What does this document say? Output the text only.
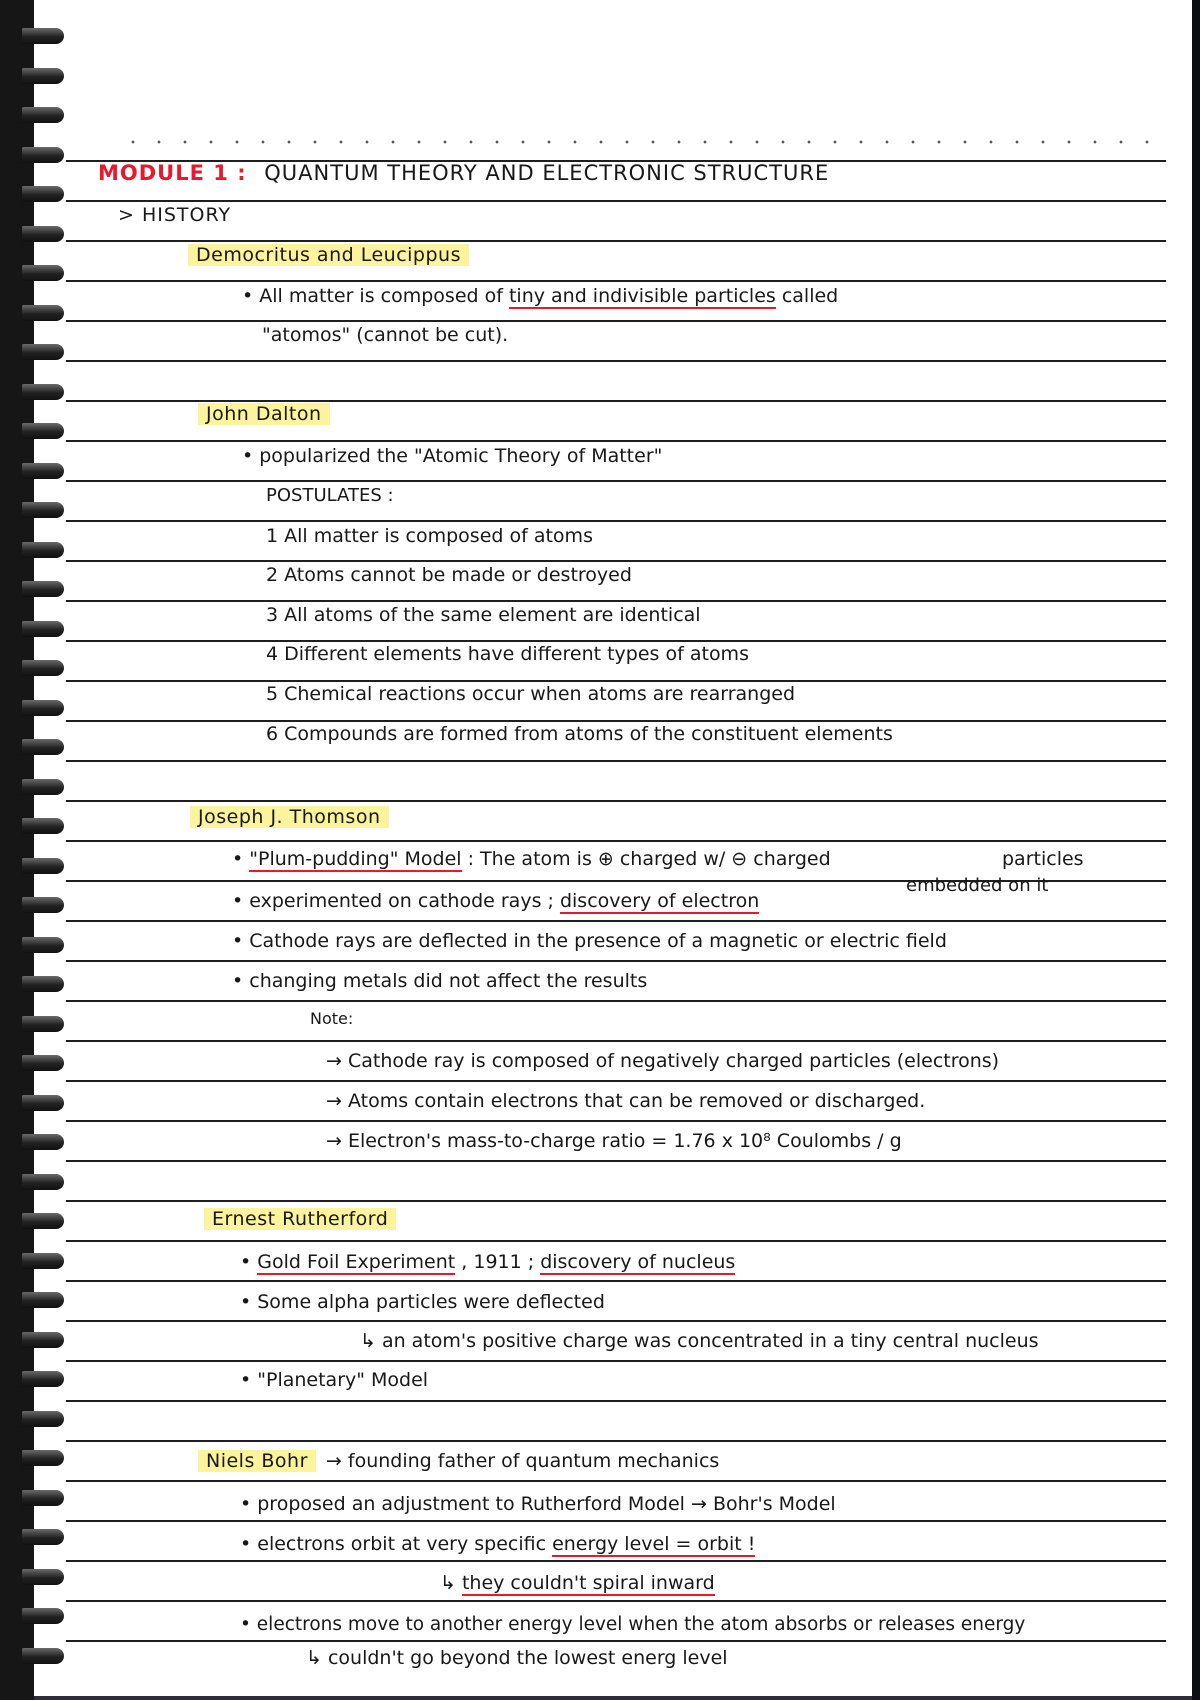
MODULE 1 : QUANTUM THEORY AND ELECTRONIC STRUCTURE
> HISTORY
Democritus and Leucippus
• All matter is composed of tiny and indivisible particles called
"atomos" (cannot be cut).
John Dalton
• popularized the "Atomic Theory of Matter"
POSTULATES :
1 All matter is composed of atoms
2 Atoms cannot be made or destroyed
3 All atoms of the same element are identical
4 Different elements have different types of atoms
5 Chemical reactions occur when atoms are rearranged
6 Compounds are formed from atoms of the constituent elements
Joseph J. Thomson
• "Plum-pudding" Model : The atom is ⊕ charged w/ ⊖ charged	particles
embedded on it
• experimented on cathode rays ; discovery of electron
• Cathode rays are deflected in the presence of a magnetic or electric field
• changing metals did not affect the results
Note:
→ Cathode ray is composed of negatively charged particles (electrons)
→ Atoms contain electrons that can be removed or discharged.
→ Electron's mass-to-charge ratio = 1.76 x 10⁸ Coulombs / g
Ernest Rutherford
• Gold Foil Experiment , 1911 ; discovery of nucleus
• Some alpha particles were deflected
↳ an atom's positive charge was concentrated in a tiny central nucleus
• "Planetary" Model
Niels Bohr → founding father of quantum mechanics
• proposed an adjustment to Rutherford Model → Bohr's Model
• electrons orbit at very specific energy level = orbit !
↳ they couldn't spiral inward
• electrons move to another energy level when the atom absorbs or releases energy
↳ couldn't go beyond the lowest energ level
